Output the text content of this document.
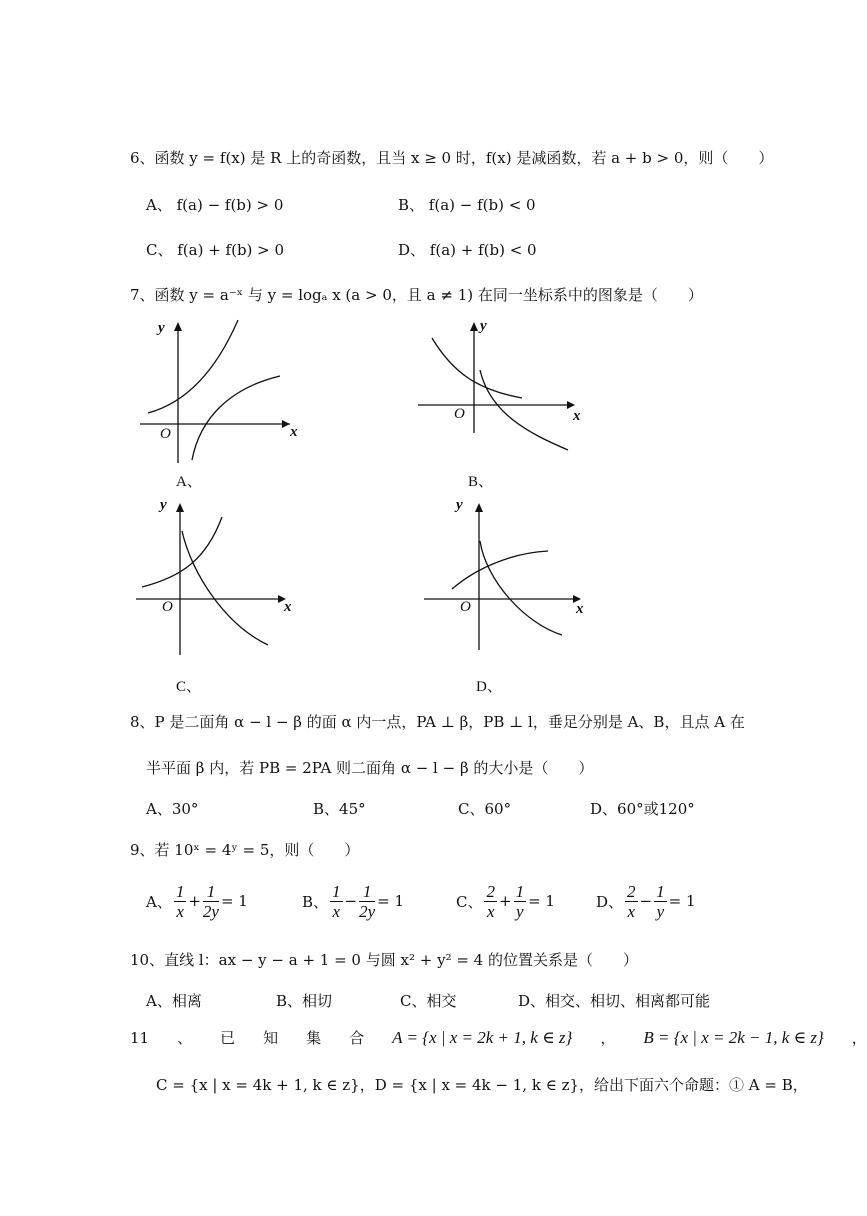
6、函数 y = f(x) 是 R 上的奇函数，且当 x ≥ 0 时，f(x) 是减函数，若 a + b > 0，则（　　）
A、 f(a) − f(b) > 0	B、 f(a) − f(b) < 0
C、 f(a) + f(b) > 0	D、 f(a) + f(b) < 0
7、函数 y = a⁻ˣ 与 y = logₐ x (a > 0，且 a ≠ 1) 在同一坐标系中的图象是（　　）
y
x
O
A、
y
x
O
B、
y
x
O
C、
y
x
O
D、
8、P 是二面角 α − l − β 的面 α 内一点，PA ⊥ β，PB ⊥ l，垂足分别是 A、B，且点 A 在
半平面 β 内，若 PB = 2PA 则二面角 α − l − β 的大小是（　　）
A、30°	B、45°	C、60°	D、60°或120°
9、若 10ˣ = 4ʸ = 5，则（　　）
A、 $\frac{1}{x} + \frac{1}{2y} = 1$	B、 $\frac{1}{x} - \frac{1}{2y} = 1$	C、 $\frac{2}{x} + \frac{1}{y} = 1$	D、 $\frac{2}{x} - \frac{1}{y} = 1$
10、直线 l：ax − y − a + 1 = 0 与圆 x² + y² = 4 的位置关系是（　　）
A、相离	B、相切	C、相交	D、相交、相切、相离都可能
11 、 已 知 集 合 A = {x | x = 2k + 1, k ∈ z} ， B = {x | x = 2k − 1, k ∈ z} ，
C = {x | x = 4k + 1, k ∈ z}，D = {x | x = 4k − 1, k ∈ z}，给出下面六个命题：① A = B，
